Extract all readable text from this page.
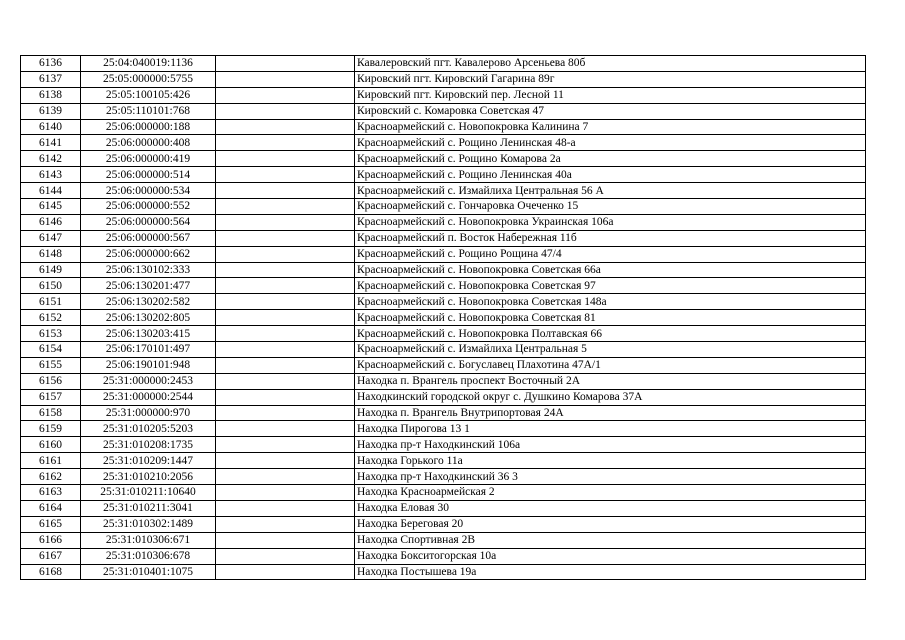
6136	25:04:040019:1136		Кавалеровский пгт. Кавалерово Арсеньева 80б
6137	25:05:000000:5755		Кировский пгт. Кировский Гагарина 89г
6138	25:05:100105:426		Кировский пгт. Кировский пер. Лесной 11
6139	25:05:110101:768		Кировский с. Комаровка Советская 47
6140	25:06:000000:188		Красноармейский с. Новопокровка Калинина 7
6141	25:06:000000:408		Красноармейский с. Рощино Ленинская 48-а
6142	25:06:000000:419		Красноармейский с. Рощино Комарова 2а
6143	25:06:000000:514		Красноармейский с. Рощино Ленинская 40а
6144	25:06:000000:534		Красноармейский с. Измайлиха Центральная 56 А
6145	25:06:000000:552		Красноармейский с. Гончаровка Очеченко 15
6146	25:06:000000:564		Красноармейский с. Новопокровка Украинская 106а
6147	25:06:000000:567		Красноармейский п. Восток Набережная 11б
6148	25:06:000000:662		Красноармейский с. Рощино Рощина 47/4
6149	25:06:130102:333		Красноармейский с. Новопокровка Советская 66а
6150	25:06:130201:477		Красноармейский с. Новопокровка Советская 97
6151	25:06:130202:582		Красноармейский с. Новопокровка Советская 148а
6152	25:06:130202:805		Красноармейский с. Новопокровка Советская 81
6153	25:06:130203:415		Красноармейский с. Новопокровка Полтавская 66
6154	25:06:170101:497		Красноармейский с. Измайлиха Центральная 5
6155	25:06:190101:948		Красноармейский с. Богуславец Плахотина 47А/1
6156	25:31:000000:2453		Находка п. Врангель проспект Восточный 2А
6157	25:31:000000:2544		Находкинский городской округ с. Душкино Комарова 37А
6158	25:31:000000:970		Находка п. Врангель Внутрипортовая 24А
6159	25:31:010205:5203		Находка Пирогова 13 1
6160	25:31:010208:1735		Находка пр-т Находкинский 106а
6161	25:31:010209:1447		Находка Горького 11а
6162	25:31:010210:2056		Находка пр-т Находкинский 36 3
6163	25:31:010211:10640		Находка Красноармейская 2
6164	25:31:010211:3041		Находка Еловая 30
6165	25:31:010302:1489		Находка Береговая 20
6166	25:31:010306:671		Находка Спортивная 2В
6167	25:31:010306:678		Находка Бокситогорская 10а
6168	25:31:010401:1075		Находка Постышева 19а
